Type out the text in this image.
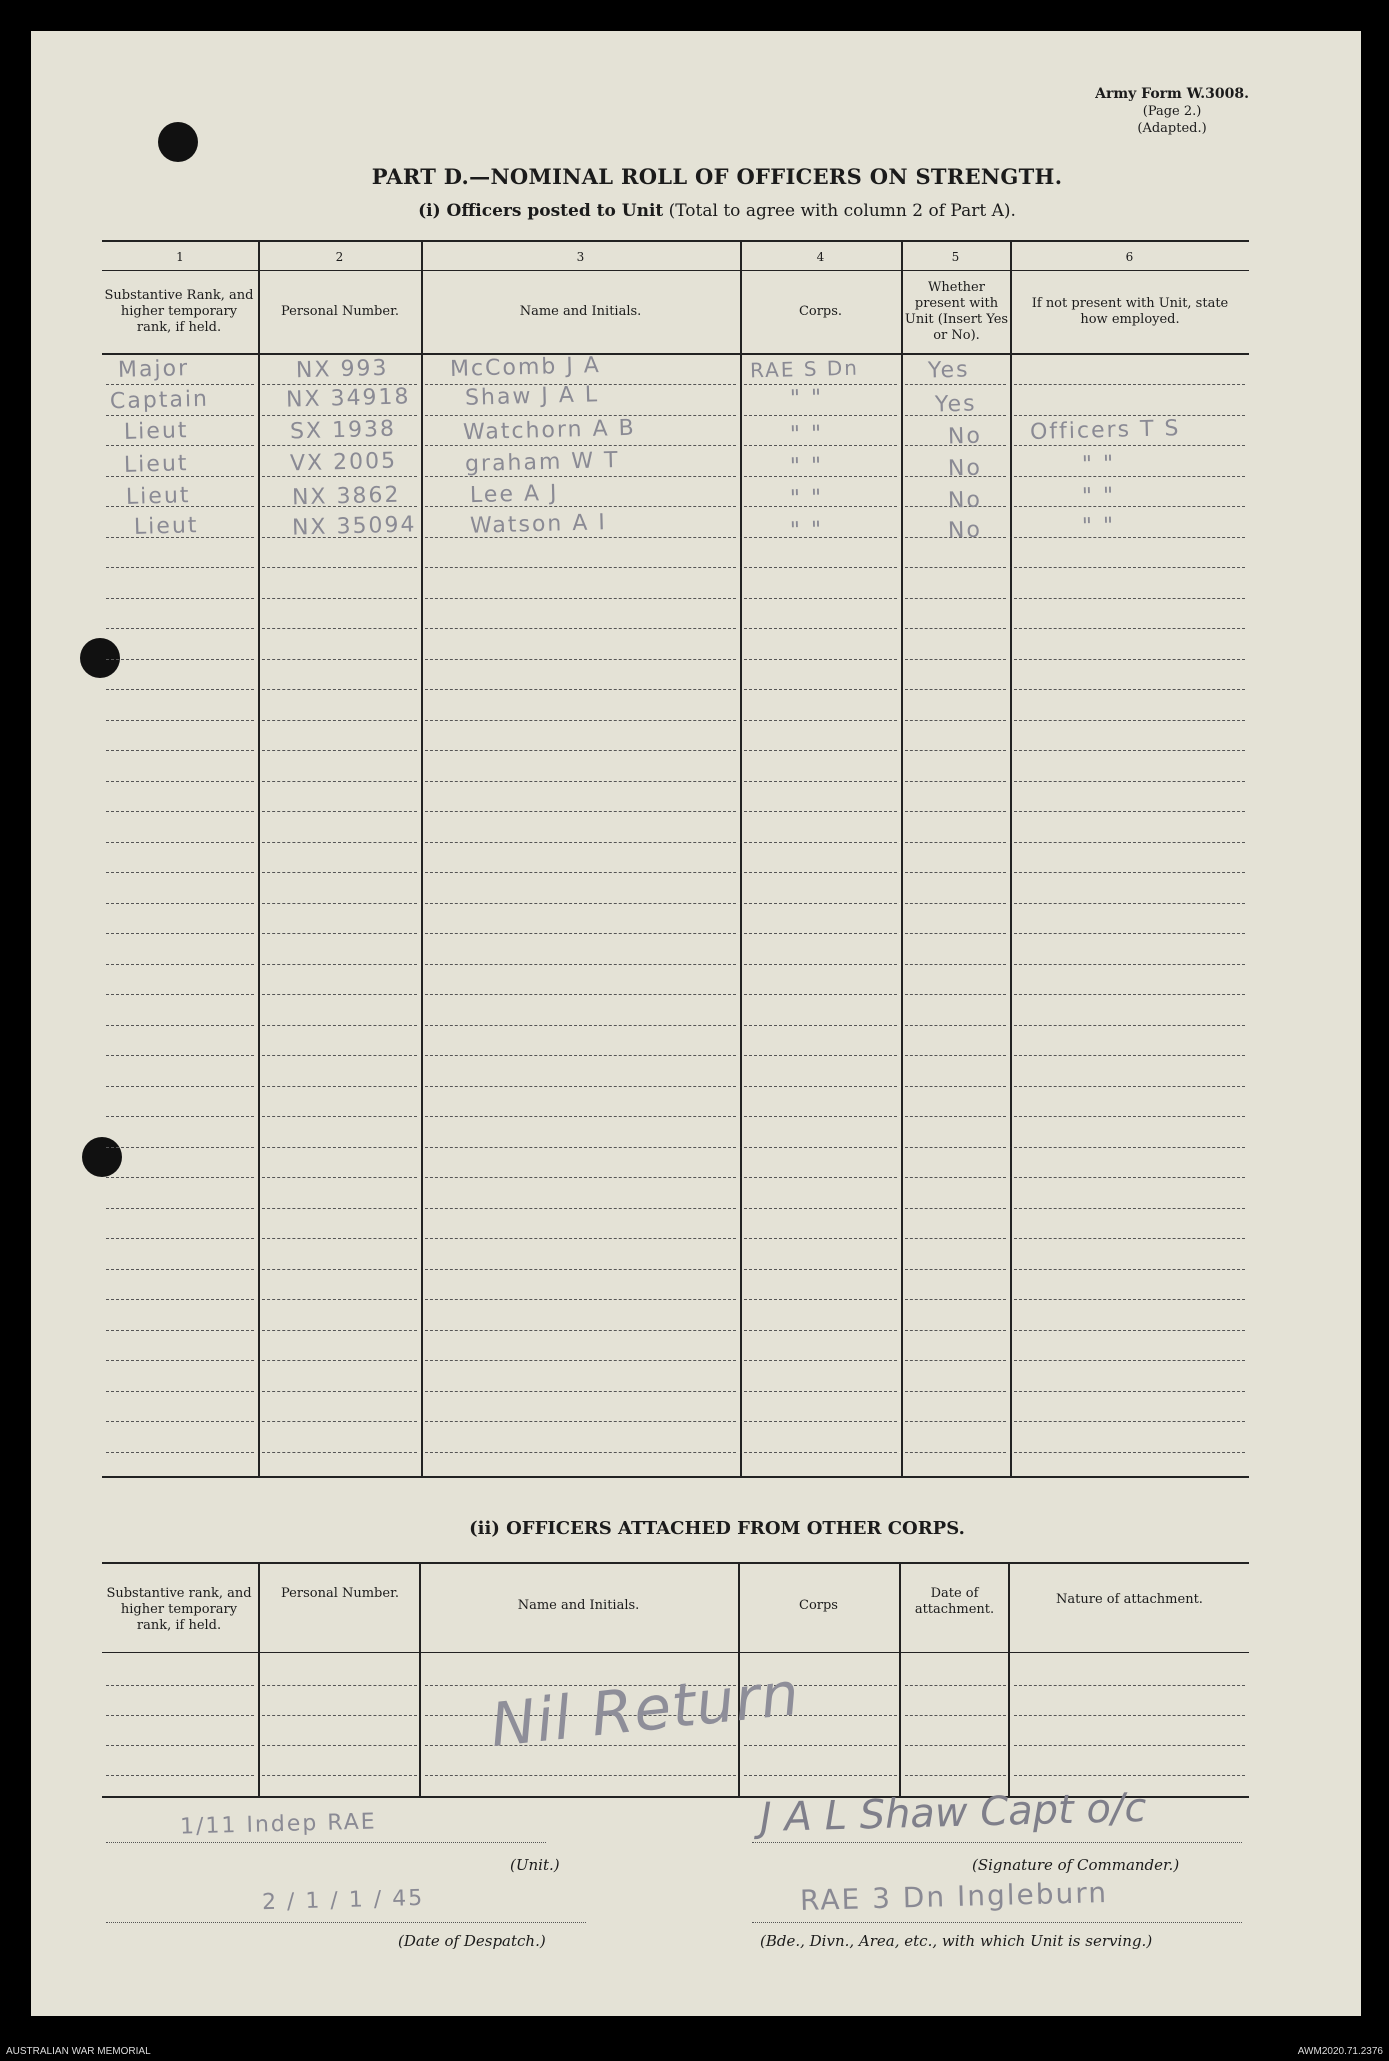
Army Form W.3008.
(Page 2.)
(Adapted.)
PART D.—NOMINAL ROLL OF OFFICERS ON STRENGTH.
(i) Officers posted to Unit (Total to agree with column 2 of Part A).
1	2	3	4	5	6
Substantive Rank, and higher temporary rank, if held.
Personal Number.	Name and Initials.	Corps.
Whether present with Unit (Insert Yes or No).
If not present with Unit, state how employed.
Major	NX 993	McComb J A	RAE S Dn	Yes
Captain	NX 34918 Shaw J A L	" "	Yes
Lieut	SX 1938	Watchorn A B	" "	No Officers T S
Lieut	VX 2005	graham W T	" "	No	" "
Lieut	NX 3862	Lee A J	" "	No	" "
Lieut	NX 35094 Watson A I	" "	No	" "
(ii) OFFICERS ATTACHED FROM OTHER CORPS.
Substantive rank, and higher temporary rank, if held.
Personal Number.
Name and Initials.	Corps
Date of attachment.
Nature of attachment.
Nil Return
1/11 Indep RAE
(Unit.)
J A L Shaw Capt o/c
(Signature of Commander.)
2 / 1 / 1 / 45
(Date of Despatch.)
RAE 3 Dn Ingleburn
(Bde., Divn., Area, etc., with which Unit is serving.)
AUSTRALIAN WAR MEMORIAL	AWM2020.71.2376
